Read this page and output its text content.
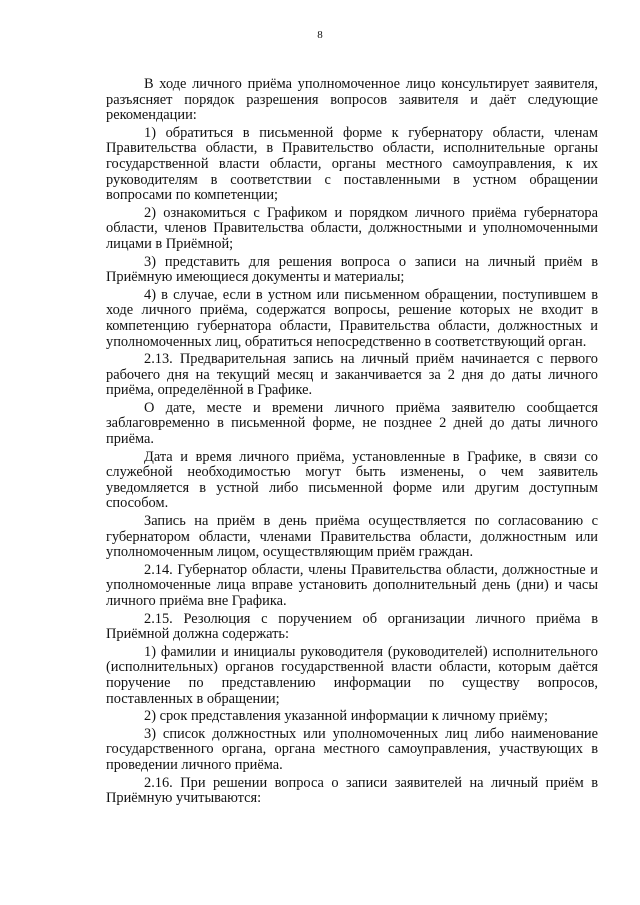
8

В ходе личного приёма уполномоченное лицо консультирует заявителя, разъясняет порядок разрешения вопросов заявителя и даёт следующие рекомендации:

1) обратиться в письменной форме к губернатору области, членам Правительства области, в Правительство области, исполнительные органы государственной власти области, органы местного самоуправления, к их руководителям в соответствии с поставленными в устном обращении вопросами по компетенции;

2) ознакомиться с Графиком и порядком личного приёма губернатора области, членов Правительства области, должностными и уполномоченными лицами в Приёмной;

3) представить для решения вопроса о записи на личный приём в Приёмную имеющиеся документы и материалы;

4) в случае, если в устном или письменном обращении, поступившем в ходе личного приёма, содержатся вопросы, решение которых не входит в компетенцию губернатора области, Правительства области, должностных и уполномоченных лиц, обратиться непосредственно в соответствующий орган.

2.13. Предварительная запись на личный приём начинается с первого рабочего дня на текущий месяц и заканчивается за 2 дня до даты личного приёма, определённой в Графике.

О дате, месте и времени личного приёма заявителю сообщается заблаговременно в письменной форме, не позднее 2 дней до даты личного приёма.

Дата и время личного приёма, установленные в Графике, в связи со служебной необходимостью могут быть изменены, о чем заявитель уведомляется в устной либо письменной форме или другим доступным способом.

Запись на приём в день приёма осуществляется по согласованию с губернатором области, членами Правительства области, должностным или уполномоченным лицом, осуществляющим приём граждан.

2.14. Губернатор области, члены Правительства области, должностные и уполномоченные лица вправе установить дополнительный день (дни) и часы личного приёма вне Графика.

2.15. Резолюция с поручением об организации личного приёма в Приёмной должна содержать:

1) фамилии и инициалы руководителя (руководителей) исполнительного (исполнительных) органов государственной власти области, которым даётся поручение по представлению информации по существу вопросов, поставленных в обращении;

2) срок представления указанной информации к личному приёму;

3) список должностных или уполномоченных лиц либо наименование государственного органа, органа местного самоуправления, участвующих в проведении личного приёма.

2.16. При решении вопроса о записи заявителей на личный приём в Приёмную учитываются:
